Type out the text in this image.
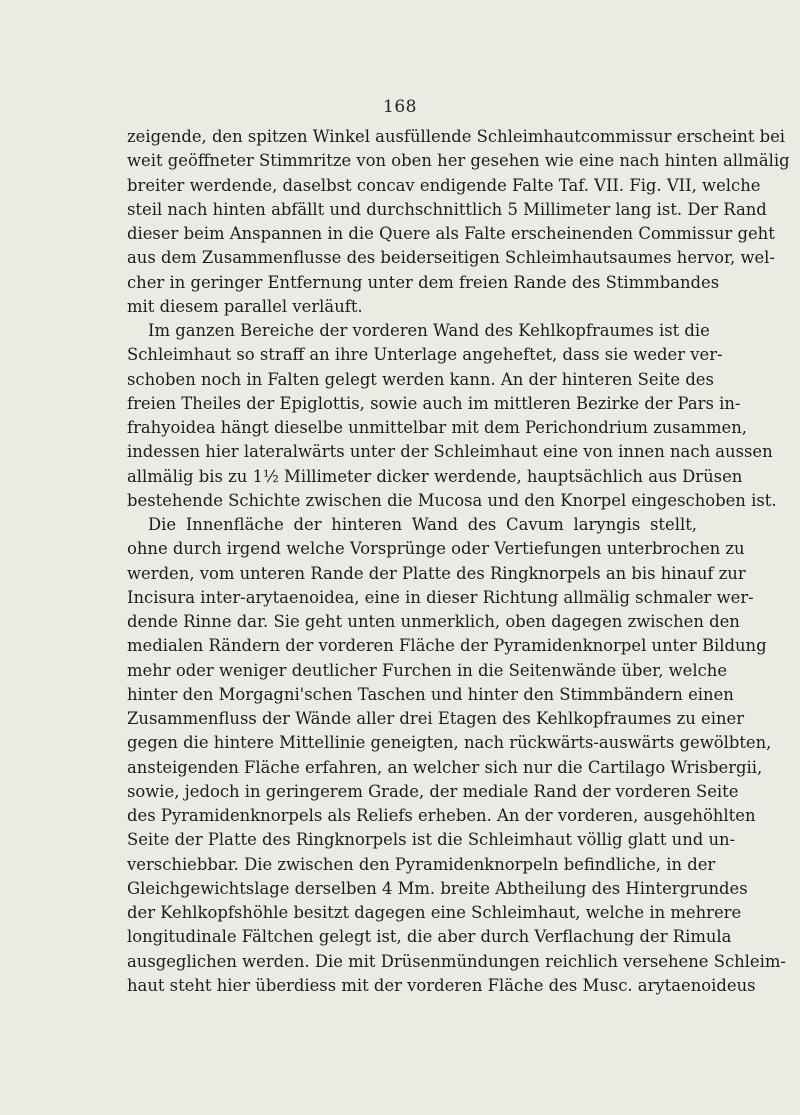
168
zeigende, den spitzen Winkel ausfüllende Schleimhautcommissur erscheint bei
weit geöffneter Stimmritze von oben her gesehen wie eine nach hinten allmälig
breiter werdende, daselbst concav endigende Falte Taf. VII. Fig. VII, welche
steil nach hinten abfällt und durchschnittlich 5 Millimeter lang ist. Der Rand
dieser beim Anspannen in die Quere als Falte erscheinenden Commissur geht
aus dem Zusammenflusse des beiderseitigen Schleimhautsaumes hervor, wel-
cher in geringer Entfernung unter dem freien Rande des Stimmbandes
mit diesem parallel verläuft.
Im ganzen Bereiche der vorderen Wand des Kehlkopfraumes ist die
Schleimhaut so straff an ihre Unterlage angeheftet, dass sie weder ver-
schoben noch in Falten gelegt werden kann. An der hinteren Seite des
freien Theiles der Epiglottis, sowie auch im mittleren Bezirke der Pars in-
frahyoidea hängt dieselbe unmittelbar mit dem Perichondrium zusammen,
indessen hier lateralwärts unter der Schleimhaut eine von innen nach aussen
allmälig bis zu 1½ Millimeter dicker werdende, hauptsächlich aus Drüsen
bestehende Schichte zwischen die Mucosa und den Knorpel eingeschoben ist.
Die Innenfläche der hinteren Wand des Cavum laryngis stellt,
ohne durch irgend welche Vorsprünge oder Vertiefungen unterbrochen zu
werden, vom unteren Rande der Platte des Ringknorpels an bis hinauf zur
Incisura inter-arytaenoidea, eine in dieser Richtung allmälig schmaler wer-
dende Rinne dar. Sie geht unten unmerklich, oben dagegen zwischen den
medialen Rändern der vorderen Fläche der Pyramidenknorpel unter Bildung
mehr oder weniger deutlicher Furchen in die Seitenwände über, welche
hinter den Morgagni'schen Taschen und hinter den Stimmbändern einen
Zusammenfluss der Wände aller drei Etagen des Kehlkopfraumes zu einer
gegen die hintere Mittellinie geneigten, nach rückwärts-auswärts gewölbten,
ansteigenden Fläche erfahren, an welcher sich nur die Cartilago Wrisbergii,
sowie, jedoch in geringerem Grade, der mediale Rand der vorderen Seite
des Pyramidenknorpels als Reliefs erheben. An der vorderen, ausgehöhlten
Seite der Platte des Ringknorpels ist die Schleimhaut völlig glatt und un-
verschiebbar. Die zwischen den Pyramidenknorpeln befindliche, in der
Gleichgewichtslage derselben 4 Mm. breite Abtheilung des Hintergrundes
der Kehlkopfshöhle besitzt dagegen eine Schleimhaut, welche in mehrere
longitudinale Fältchen gelegt ist, die aber durch Verflachung der Rimula
ausgeglichen werden. Die mit Drüsenmündungen reichlich versehene Schleim-
haut steht hier überdiess mit der vorderen Fläche des Musc. arytaenoideus
